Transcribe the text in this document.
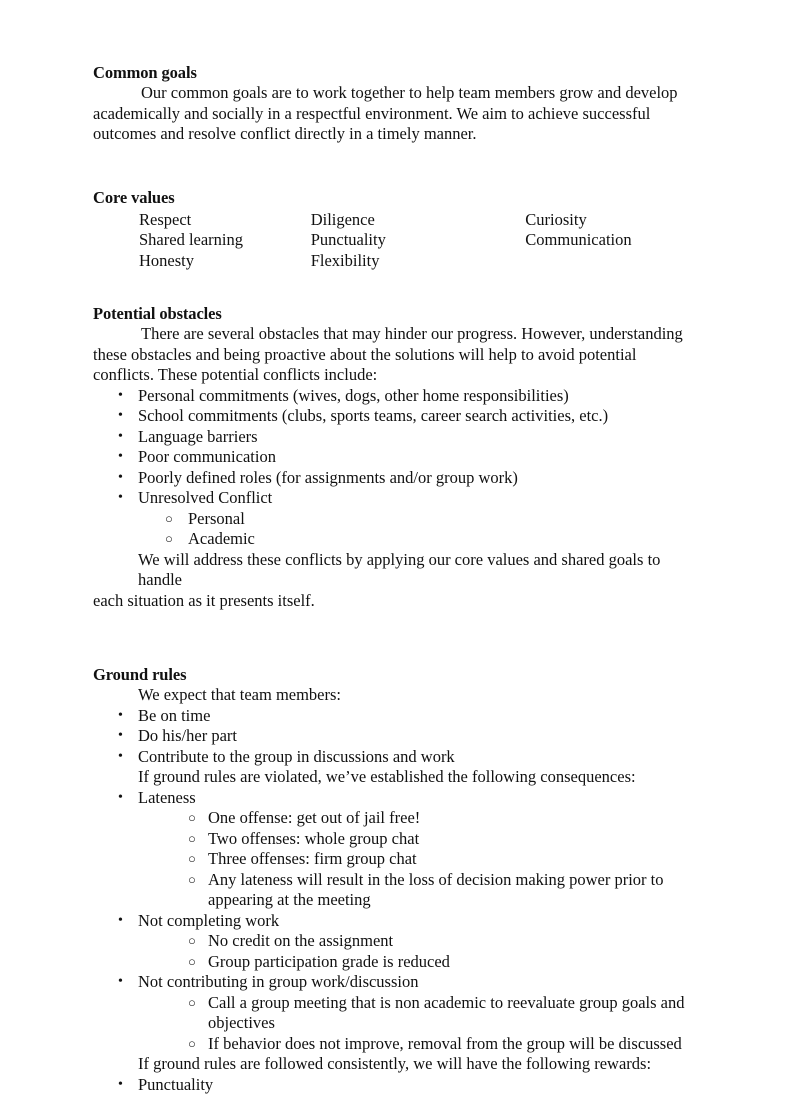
Common goals

Our common goals are to work together to help team members grow and develop academically and socially in a respectful environment. We aim to achieve successful outcomes and resolve conflict directly in a timely manner.

Core values
Respect
Shared learning
Honesty
Diligence
Punctuality
Flexibility
Curiosity
Communication
Potential obstacles

There are several obstacles that may hinder our progress. However, understanding these obstacles and being proactive about the solutions will help to avoid potential conflicts. These potential conflicts include:

• Personal commitments (wives, dogs, other home responsibilities)
• School commitments (clubs, sports teams, career search activities, etc.)
• Language barriers
• Poor communication
• Poorly defined roles (for assignments and/or group work)
• Unresolved Conflict
○ Personal
○ Academic

We will address these conflicts by applying our core values and shared goals to handle

each situation as it presents itself.

Ground rules

We expect that team members:

• Be on time
• Do his/her part
• Contribute to the group in discussions and work

If ground rules are violated, we’ve established the following consequences:

• Lateness
○ One offense: get out of jail free!
○ Two offenses: whole group chat
○ Three offenses: firm group chat
○ Any lateness will result in the loss of decision making power prior to appearing at the meeting
• Not completing work
○ No credit on the assignment
○ Group participation grade is reduced
• Not contributing in group work/discussion
○ Call a group meeting that is non academic to reevaluate group goals and objectives
○ If behavior does not improve, removal from the group will be discussed

If ground rules are followed consistently, we will have the following rewards:

• Punctuality
